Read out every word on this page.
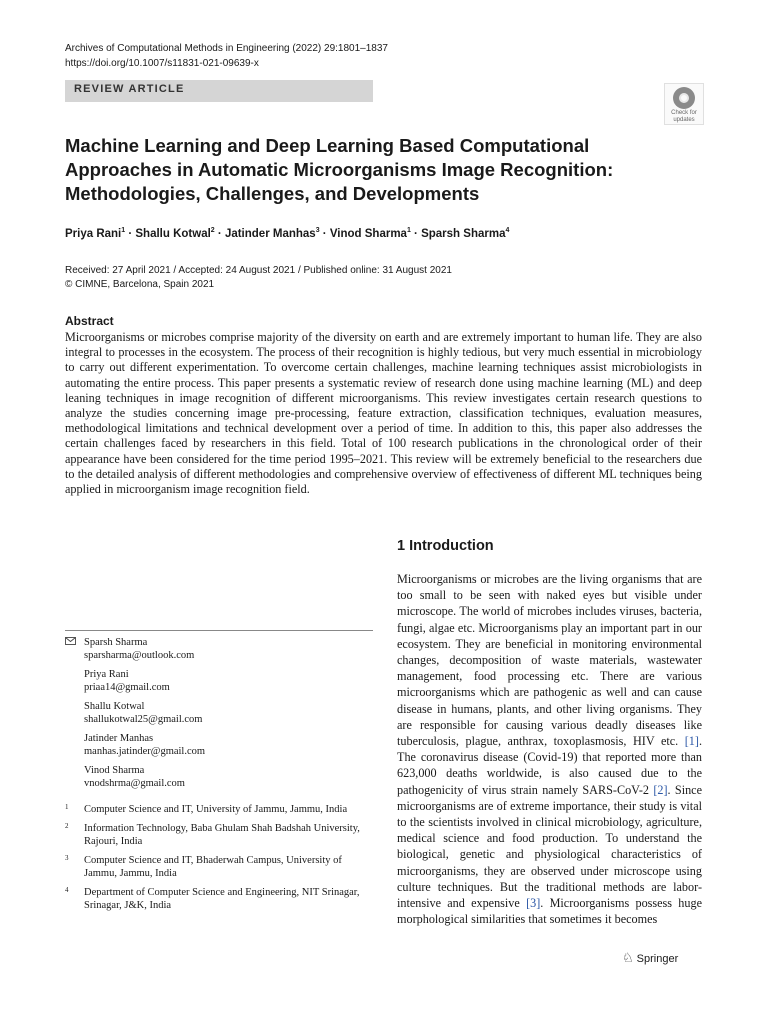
Archives of Computational Methods in Engineering (2022) 29:1801–1837
https://doi.org/10.1007/s11831-021-09639-x
REVIEW ARTICLE
Check for
updates
Machine Learning and Deep Learning Based Computational Approaches in Automatic Microorganisms Image Recognition: Methodologies, Challenges, and Developments
Priya Rani$^1$ · Shallu Kotwal$^2$ · Jatinder Manhas$^3$ · Vinod Sharma$^1$ · Sparsh Sharma$^4$
Received: 27 April 2021 / Accepted: 24 August 2021 / Published online: 31 August 2021
© CIMNE, Barcelona, Spain 2021
Abstract
Microorganisms or microbes comprise majority of the diversity on earth and are extremely important to human life. They are also integral to processes in the ecosystem. The process of their recognition is highly tedious, but very much essential in microbiology to carry out different experimentation. To overcome certain challenges, machine learning techniques assist microbiologists in automating the entire process. This paper presents a systematic review of research done using machine learning (ML) and deep leaning techniques in image recognition of different microorganisms. This review investigates certain research questions to analyze the studies concerning image pre-processing, feature extraction, classification techniques, evaluation measures, methodological limitations and technical development over a period of time. In addition to this, this paper also addresses the certain challenges faced by researchers in this field. Total of 100 research publications in the chronological order of their appearance have been considered for the time period 1995–2021. This review will be extremely beneficial to the researchers due to the detailed analysis of different methodologies and comprehensive overview of effectiveness of different ML techniques being applied in microorganism image recognition field.
1 Introduction
Microorganisms or microbes are the living organisms that are too small to be seen with naked eyes but visible under microscope. The world of microbes includes viruses, bacteria, fungi, algae etc. Microorganisms play an important part in our ecosystem. They are beneficial in monitoring environmental changes, decomposition of waste materials, wastewater management, food processing etc. There are various microorganisms which are pathogenic as well and can cause disease in humans, plants, and other living organisms. They are responsible for causing various deadly diseases like tuberculosis, plague, anthrax, toxoplasmosis, HIV etc. [1]. The coronavirus disease (Covid-19) that reported more than 623,000 deaths worldwide, is also caused due to the pathogenicity of virus strain namely SARS-CoV-2 [2]. Since microorganisms are of extreme importance, their study is vital to the scientists involved in clinical microbiology, agriculture, medical science and food production. To understand the biological, genetic and physiological characteristics of microorganisms, they are observed under microscope using culture techniques. But the traditional methods are labor-intensive and expensive [3]. Microorganisms possess huge morphological similarities that sometimes it becomes
Sparsh Sharma
sparsharma@outlook.com
Priya Rani
priaa14@gmail.com
Shallu Kotwal
shallukotwal25@gmail.com
Jatinder Manhas
manhas.jatinder@gmail.com
Vinod Sharma
vnodshrma@gmail.com
1 Computer Science and IT, University of Jammu, Jammu, India
2 Information Technology, Baba Ghulam Shah Badshah University, Rajouri, India
3 Computer Science and IT, Bhaderwah Campus, University of Jammu, Jammu, India
4 Department of Computer Science and Engineering, NIT Srinagar, Srinagar, J&K, India
♘ Springer
